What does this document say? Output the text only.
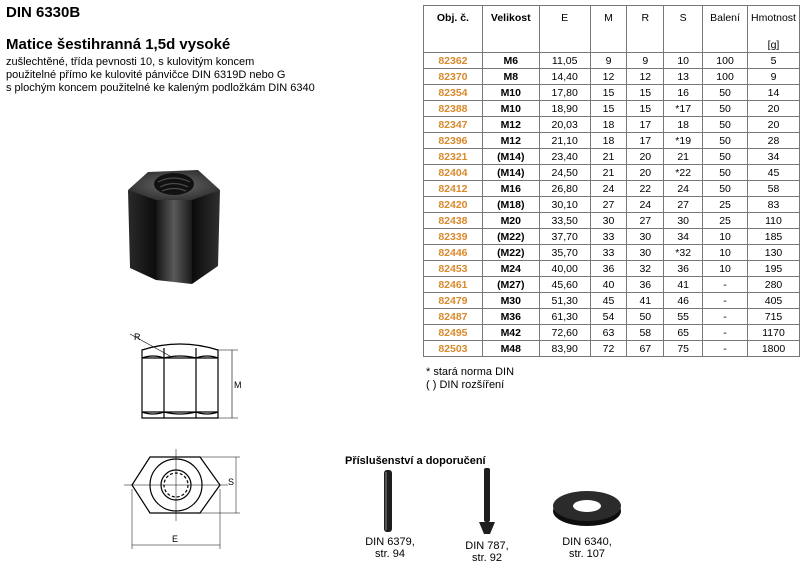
DIN 6330B
Matice šestihranná 1,5d vysoké
zušlechtěné, třída pevnosti 10, s kulovitým koncem
použitelné přímo ke kulovité pánvičce DIN 6319D nebo G
s plochým koncem použitelné ke kaleným podložkám DIN 6340
R
M
S
E
Obj. č.	Velikost	E	M	R	S	Balení	Hmotnost
							[g]
82362	M6	11,05	9	9	10	100	5
82370	M8	14,40	12	12	13	100	9
82354	M10	17,80	15	15	16	50	14
82388	M10	18,90	15	15	*17	50	20
82347	M12	20,03	18	17	18	50	20
82396	M12	21,10	18	17	*19	50	28
82321	(M14)	23,40	21	20	21	50	34
82404	(M14)	24,50	21	20	*22	50	45
82412	M16	26,80	24	22	24	50	58
82420	(M18)	30,10	27	24	27	25	83
82438	M20	33,50	30	27	30	25	110
82339	(M22)	37,70	33	30	34	10	185
82446	(M22)	35,70	33	30	*32	10	130
82453	M24	40,00	36	32	36	10	195
82461	(M27)	45,60	40	36	41	-	280
82479	M30	51,30	45	41	46	-	405
82487	M36	61,30	54	50	55	-	715
82495	M42	72,60	63	58	65	-	1170
82503	M48	83,90	72	67	75	-	1800
* stará norma DIN
( ) DIN rozšíření
Příslušenství a doporučení
DIN 6379,
str. 94
DIN 787,
str. 92
DIN 6340,
str. 107
